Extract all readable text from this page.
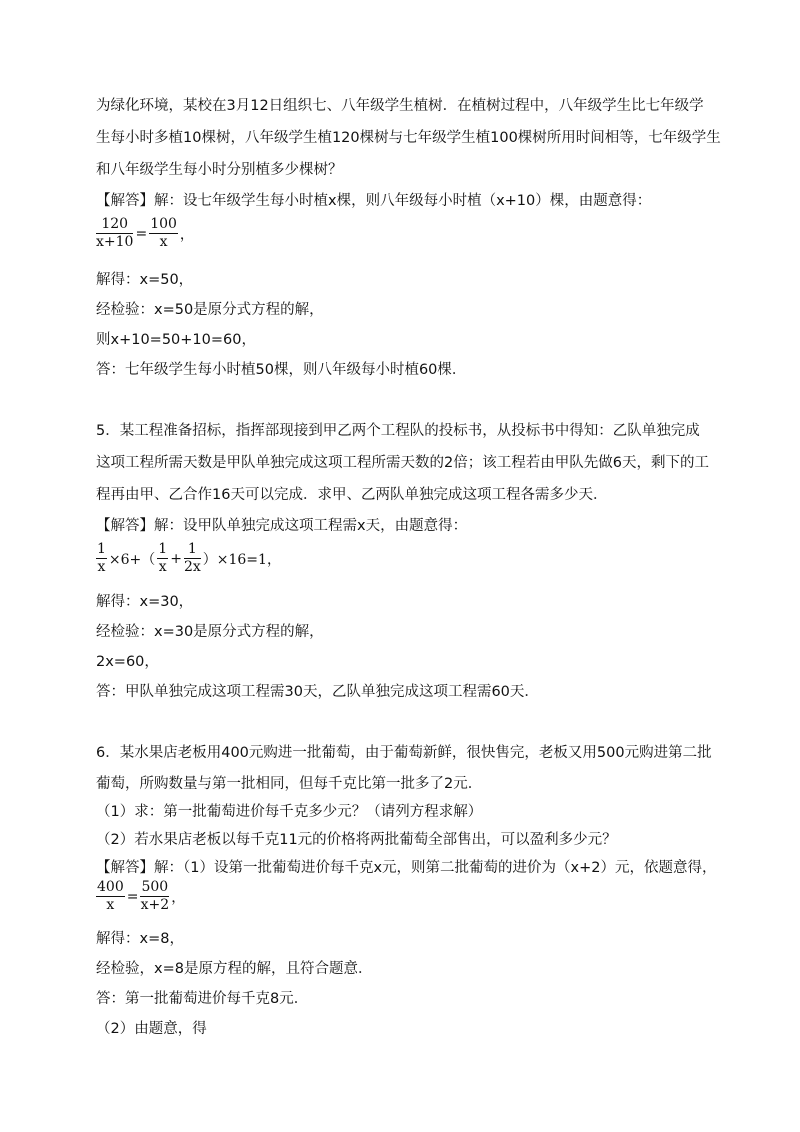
为绿化环境，某校在3月12日组织七、八年级学生植树．在植树过程中，八年级学生比七年级学
生每小时多植10棵树，八年级学生植120棵树与七年级学生植100棵树所用时间相等，七年级学生
和八年级学生每小时分别植多少棵树？
【解答】解：设七年级学生每小时植x棵，则八年级每小时植（x+10）棵，由题意得：
$\frac{120}{x+10} = \frac{100}{x}$ ，
解得：x=50，
经检验：x=50是原分式方程的解，
则x+10=50+10=60，
答：七年级学生每小时植50棵，则八年级每小时植60棵．
5．某工程准备招标，指挥部现接到甲乙两个工程队的投标书，从投标书中得知：乙队单独完成
这项工程所需天数是甲队单独完成这项工程所需天数的2倍；该工程若由甲队先做6天，剩下的工
程再由甲、乙合作16天可以完成．求甲、乙两队单独完成这项工程各需多少天．
【解答】解：设甲队单独完成这项工程需x天，由题意得：
$\frac{1}{x} \times 6+( \frac{1}{x} + \frac{1}{2x} )\times 16=1$，
解得：x=30，
经检验：x=30是原分式方程的解，
2x=60，
答：甲队单独完成这项工程需30天，乙队单独完成这项工程需60天．
6．某水果店老板用400元购进一批葡萄，由于葡萄新鲜，很快售完，老板又用500元购进第二批
葡萄，所购数量与第一批相同，但每千克比第一批多了2元．
（1）求：第一批葡萄进价每千克多少元？（请列方程求解）
（2）若水果店老板以每千克11元的价格将两批葡萄全部售出，可以盈利多少元？
【解答】解：（1）设第一批葡萄进价每千克x元，则第二批葡萄的进价为（x+2）元，依题意得，
$\frac{400}{x} = \frac{500}{x+2}$ ，
解得：x=8，
经检验，x=8是原方程的解，且符合题意．
答：第一批葡萄进价每千克8元．
（2）由题意，得
